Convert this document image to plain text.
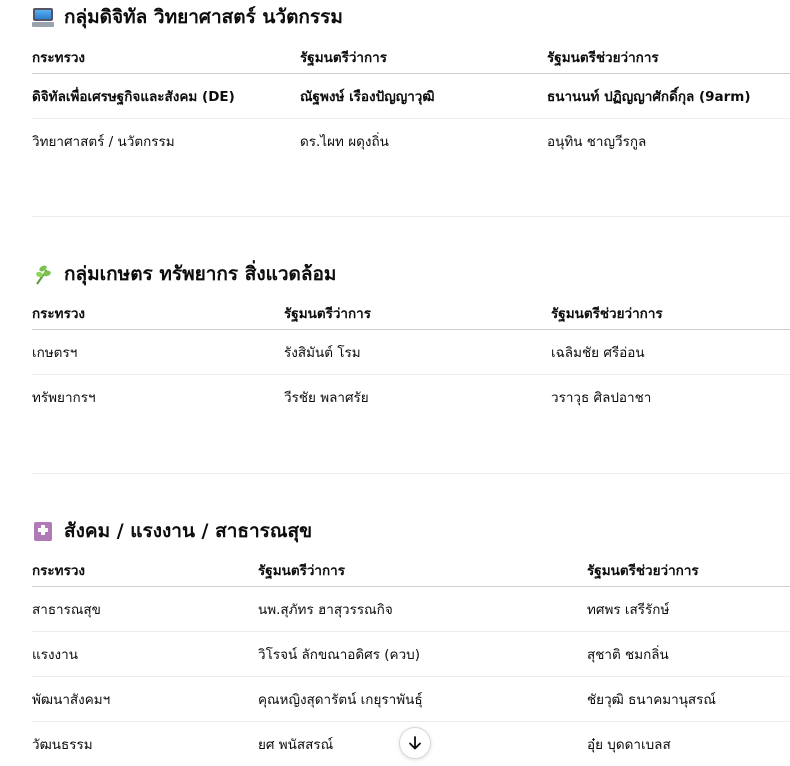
กลุ่มดิจิทัล วิทยาศาสตร์ นวัตกรรม
กระทรวง	รัฐมนตรีว่าการ	รัฐมนตรีช่วยว่าการ
ดิจิทัลเพื่อเศรษฐกิจและสังคม (DE)	ณัฐพงษ์ เรืองปัญญาวุฒิ	ธนานนท์ ปฏิญญาศักดิ์กุล (9arm)
วิทยาศาสตร์ / นวัตกรรม	ดร.ไผท ผดุงถิ่น	อนุทิน ชาญวีรกูล
กลุ่มเกษตร ทรัพยากร สิ่งแวดล้อม
กระทรวง	รัฐมนตรีว่าการ	รัฐมนตรีช่วยว่าการ
เกษตรฯ	รังสิมันต์ โรม	เฉลิมชัย ศรีอ่อน
ทรัพยากรฯ	วีรชัย พลาศรัย	วราวุธ ศิลปอาชา
สังคม / แรงงาน / สาธารณสุข
กระทรวง	รัฐมนตรีว่าการ	รัฐมนตรีช่วยว่าการ
สาธารณสุข	นพ.สุภัทร ฮาสุวรรณกิจ	ทศพร เสรีรักษ์
แรงงาน	วิโรจน์ ลักขณาอดิศร (ควบ)	สุชาติ ชมกลิ่น
พัฒนาสังคมฯ	คุณหญิงสุดารัตน์ เกยุราพันธุ์	ชัยวุฒิ ธนาคมานุสรณ์
วัฒนธรรม	ยศ พนัสสรณ์	อุ๋ย บุดดาเบลส
